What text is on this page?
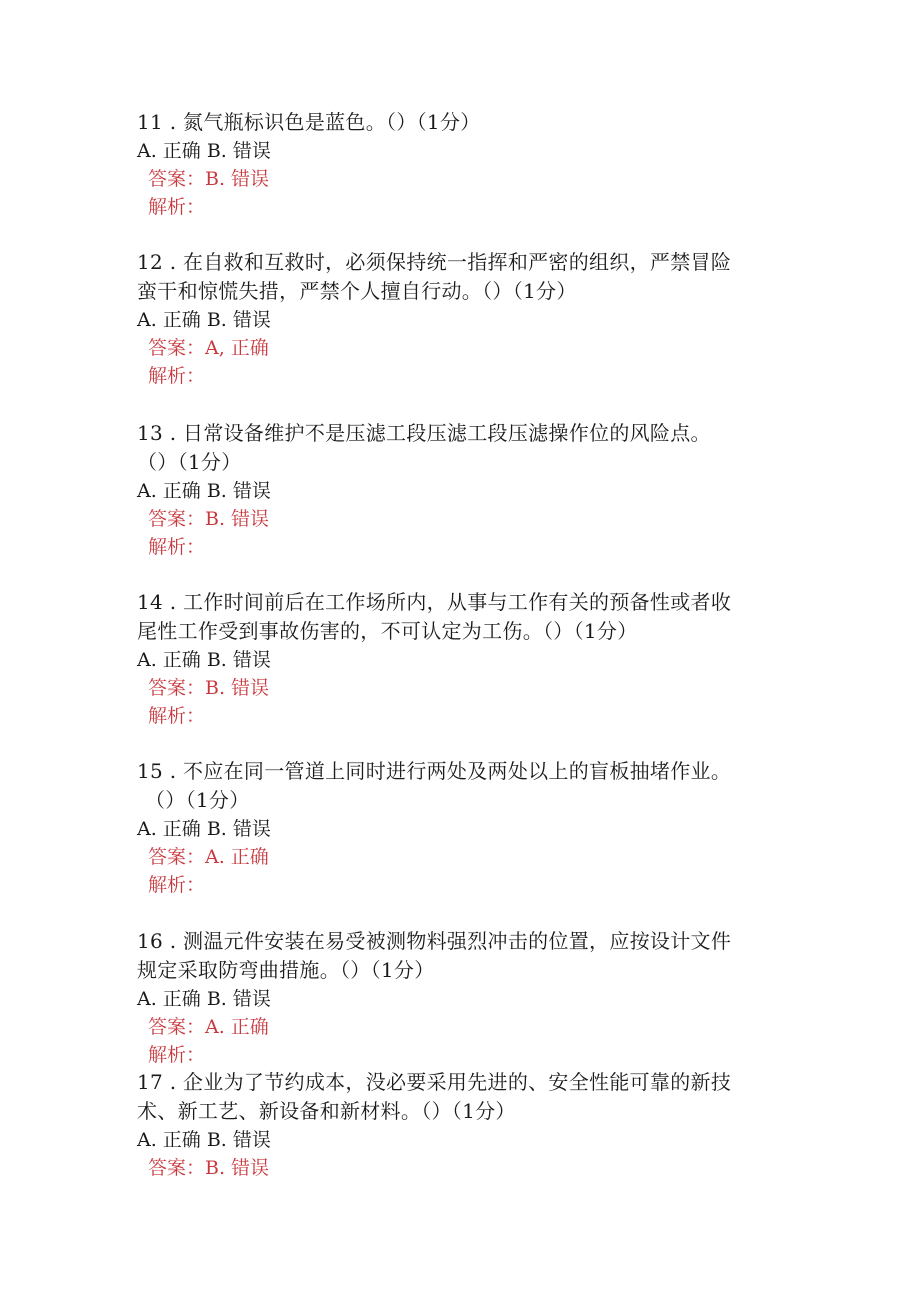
11 . 氮气瓶标识色是蓝色。（）（1分）

A. 正确 B. 错误

答案：B. 错误

解析：

12 . 在自救和互救时，必须保持统一指挥和严密的组织，严禁冒险
蛮干和惊慌失措，严禁个人擅自行动。（）（1分）

A. 正确 B. 错误

答案：A, 正确

解析：

13 . 日常设备维护不是压滤工段压滤工段压滤操作位的风险点。
（）（1分）

A. 正确 B. 错误

答案：B. 错误

解析：

14 . 工作时间前后在工作场所内，从事与工作有关的预备性或者收
尾性工作受到事故伤害的，不可认定为工伤。（）（1分）

A. 正确 B. 错误

答案：B. 错误

解析：

15 . 不应在同一管道上同时进行两处及两处以上的盲板抽堵作业。
（）（1分）

A. 正确 B. 错误

答案：A. 正确

解析：

16 . 测温元件安装在易受被测物料强烈冲击的位置，应按设计文件
规定采取防弯曲措施。（）（1分）

A. 正确 B. 错误

答案：A. 正确

解析：

17 . 企业为了节约成本，没必要采用先进的、安全性能可靠的新技
术、新工艺、新设备和新材料。（）（1分）

A. 正确 B. 错误

答案：B. 错误
